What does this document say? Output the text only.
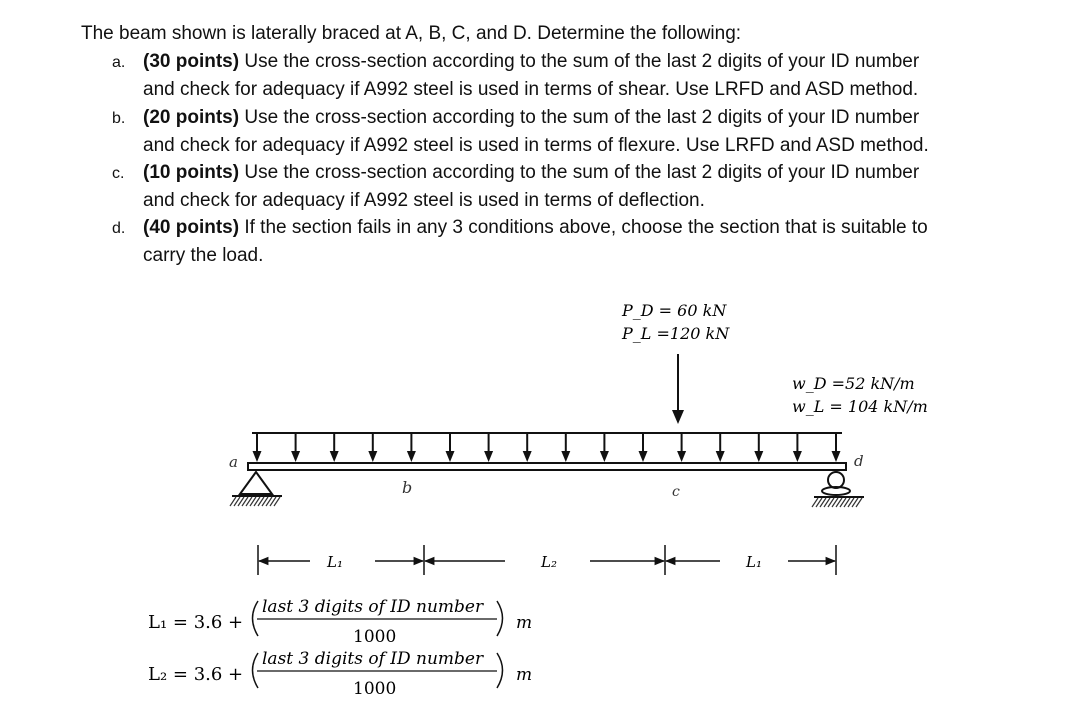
The beam shown is laterally braced at A, B, C, and D. Determine the following:
a. (30 points) Use the cross-section according to the sum of the last 2 digits of your ID number
and check for adequacy if A992 steel is used in terms of shear. Use LRFD and ASD method.
b. (20 points) Use the cross-section according to the sum of the last 2 digits of your ID number
and check for adequacy if A992 steel is used in terms of flexure. Use LRFD and ASD method.
c. (10 points) Use the cross-section according to the sum of the last 2 digits of your ID number
and check for adequacy if A992 steel is used in terms of deflection.
d. (40 points) If the section fails in any 3 conditions above, choose the section that is suitable to
carry the load.
P_D = 60 kN
P_L =120 kN
w_D =52 kN/m
w_L = 104 kN/m
a
b	c
d
L₁	L₂	L₁
L₁ = 3.6 +
last 3 digits of ID number
1000
m
L₂ = 3.6 +
last 3 digits of ID number
1000
m
